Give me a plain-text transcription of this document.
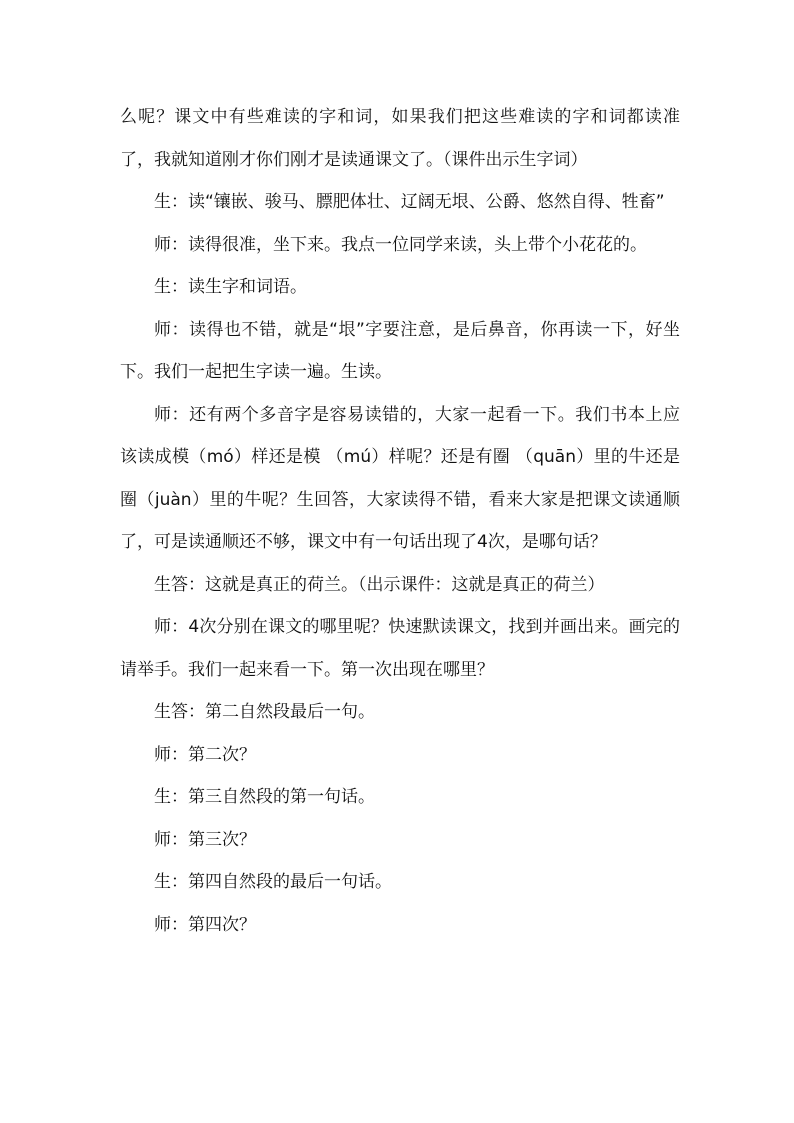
么呢？课文中有些难读的字和词，如果我们把这些难读的字和词都读准了，我就知道刚才你们刚才是读通课文了。（课件出示生字词）

生：读“镶嵌、骏马、膘肥体壮、辽阔无垠、公爵、悠然自得、牲畜”

师：读得很准，坐下来。我点一位同学来读，头上带个小花花的。

生：读生字和词语。

师：读得也不错，就是“垠”字要注意，是后鼻音，你再读一下，好坐下。我们一起把生字读一遍。生读。

师：还有两个多音字是容易读错的，大家一起看一下。我们书本上应该读成模（mó）样还是模 （mú）样呢？还是有圈 （quān）里的牛还是圈（juàn）里的牛呢？生回答，大家读得不错，看来大家是把课文读通顺了，可是读通顺还不够，课文中有一句话出现了4次，是哪句话？

生答：这就是真正的荷兰。（出示课件：这就是真正的荷兰）

师：4次分别在课文的哪里呢？快速默读课文，找到并画出来。画完的请举手。我们一起来看一下。第一次出现在哪里？

生答：第二自然段最后一句。

师：第二次？

生：第三自然段的第一句话。

师：第三次？

生：第四自然段的最后一句话。

师：第四次？
